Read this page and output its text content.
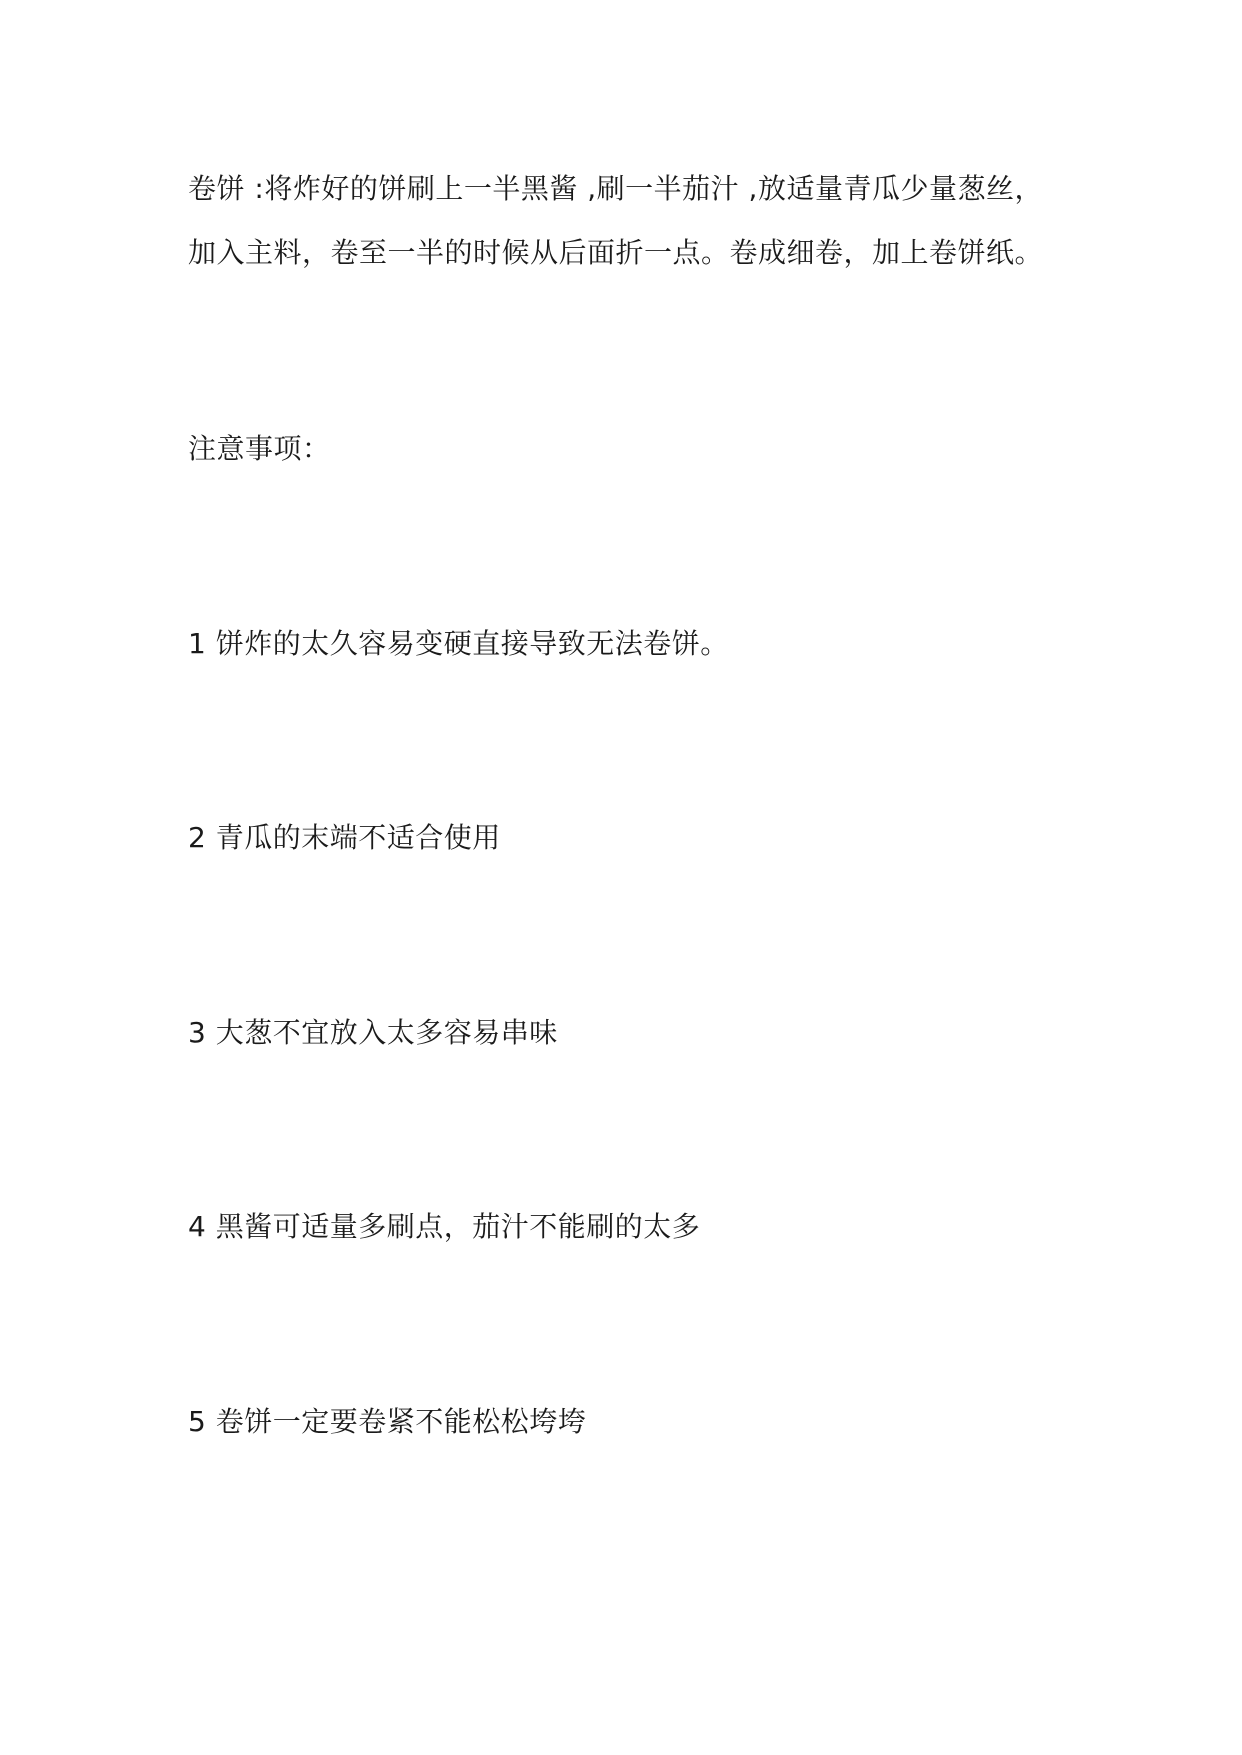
卷饼 :将炸好的饼刷上一半黑酱 ,刷一半茄汁 ,放适量青瓜少量葱丝，
加入主料，卷至一半的时候从后面折一点。卷成细卷，加上卷饼纸。
注意事项：
1 饼炸的太久容易变硬直接导致无法卷饼。
2 青瓜的末端不适合使用
3 大葱不宜放入太多容易串味
4 黑酱可适量多刷点，茄汁不能刷的太多
5 卷饼一定要卷紧不能松松垮垮
